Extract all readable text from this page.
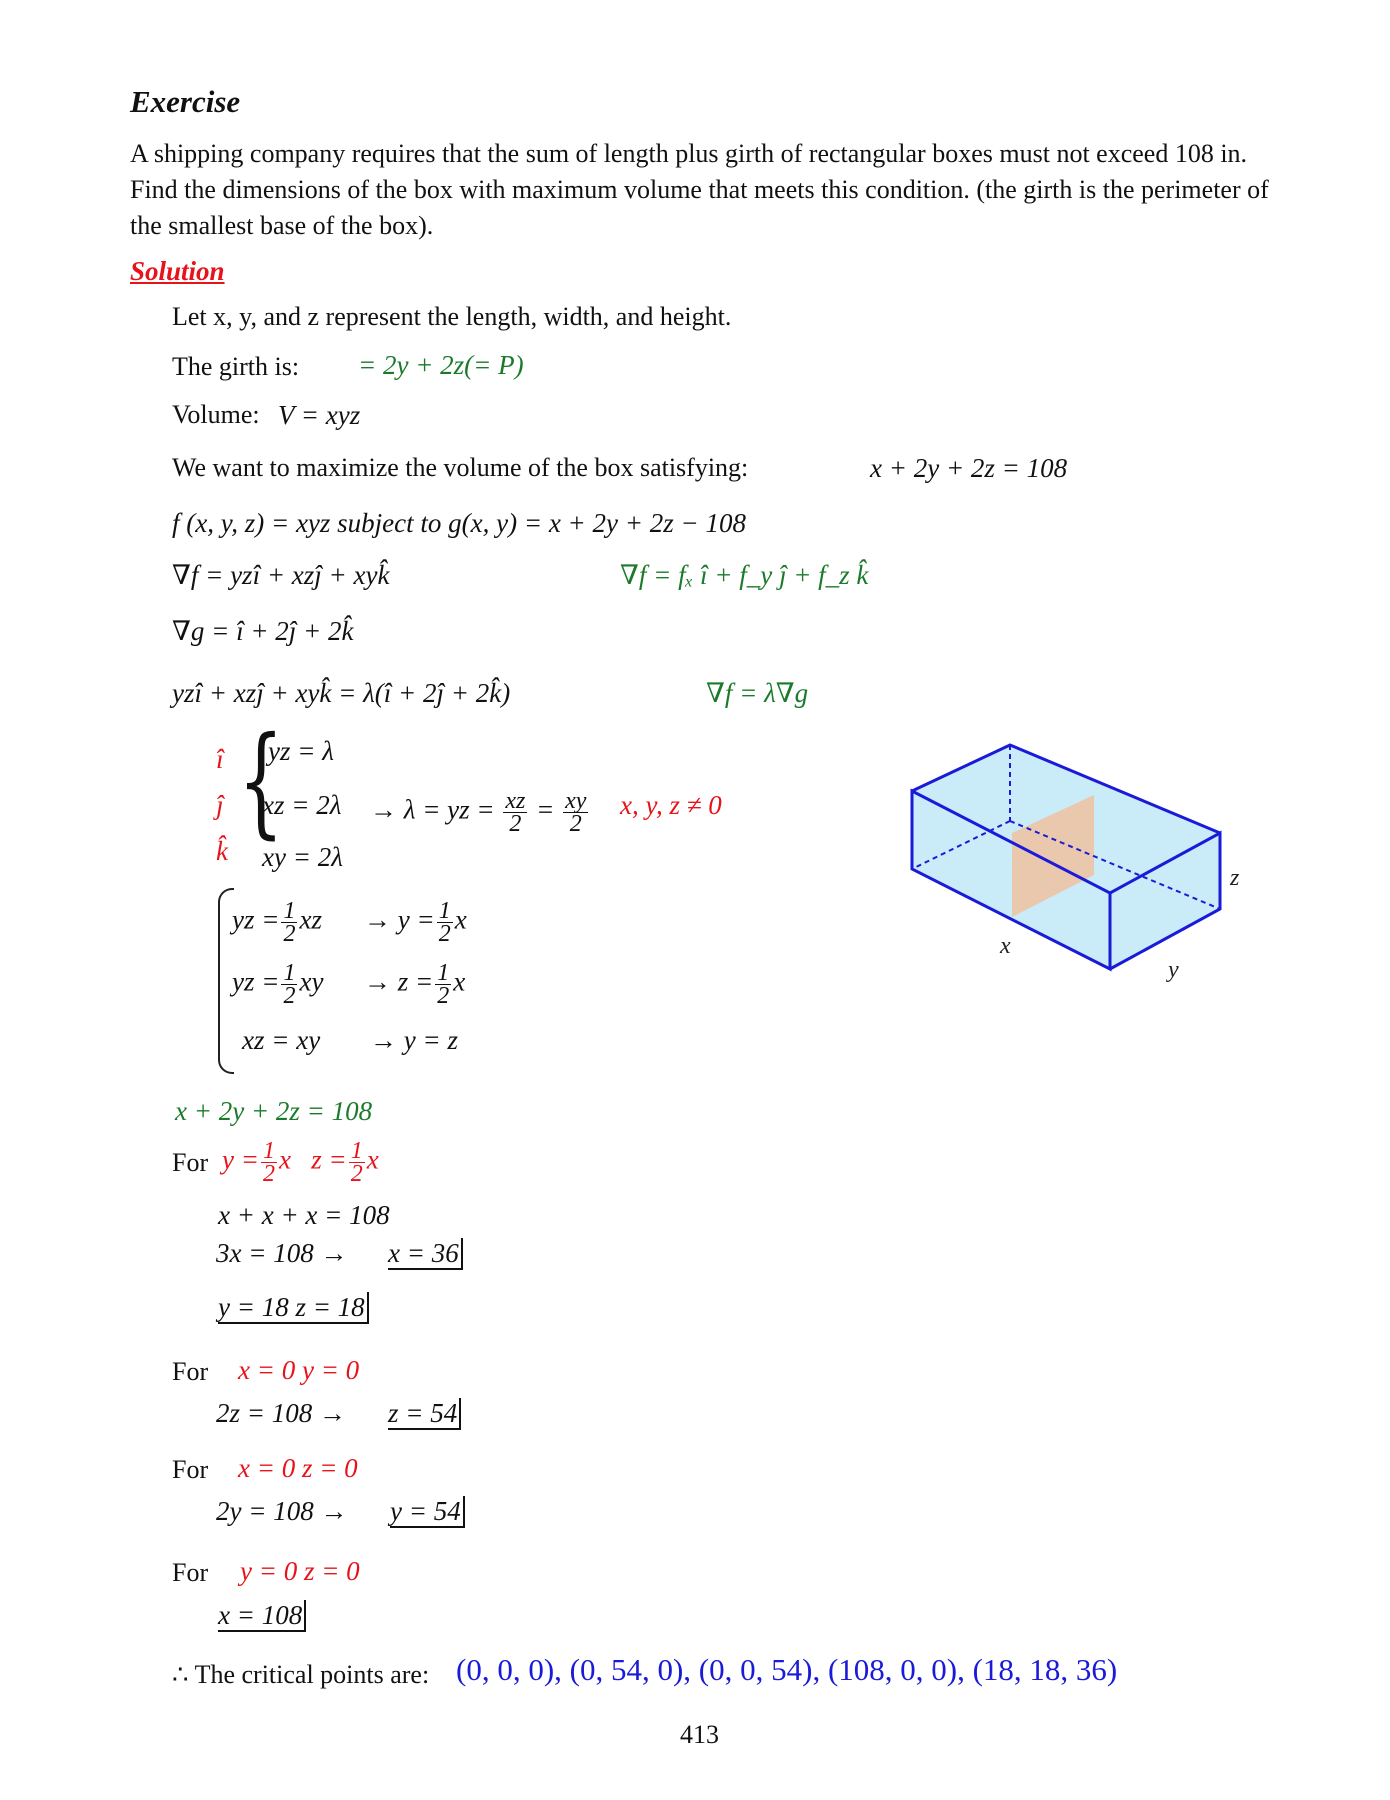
Exercise
A shipping company requires that the sum of length plus girth of rectangular boxes must not exceed 108 in. Find the dimensions of the box with maximum volume that meets this condition. (the girth is the perimeter of the smallest base of the box).
Solution
Let x, y, and z represent the length, width, and height.
The girth is: = 2y + 2z(= P)
Volume: V = xyz
We want to maximize the volume of the box satisfying:	x + 2y + 2z = 108
f (x, y, z) = xyz subject to g(x, y) = x + 2y + 2z − 108
∇f = yzî + xzĵ + xyk̂	∇f = fₓ î + f_y ĵ + f_z k̂
∇g = î + 2ĵ + 2k̂
yzî + xzĵ + xyk̂ = λ(î + 2ĵ + 2k̂)	∇f = λ∇g
î
ĵ
k̂ {
yz = λ
xz = 2λ
xy = 2λ
→ λ = yz = $\frac{xz}{2} = \frac{xy}{2} x$, y, z ≠ 0
yz = $\frac{1}{2}$ xz → $y = \frac{1}{2}$ x
yz = $\frac{1}{2}$ xy → $z = \frac{1}{2}$ x
xz = xy → y = z
x + 2y + 2z = 108
For $y = \frac{1}{2}$ x $z = \frac{1}{2}$ x
x + x + x = 108
3x = 108 → x = 36
y = 18 z = 18
For x = 0 y = 0
2z = 108 → z = 54
For x = 0 z = 0
2y = 108 → y = 54
For y = 0 z = 0
x = 108
∴ The critical points are: (0, 0, 0), (0, 54, 0), (0, 0, 54), (108, 0, 0), (18, 18, 36)
x
y
z
413
